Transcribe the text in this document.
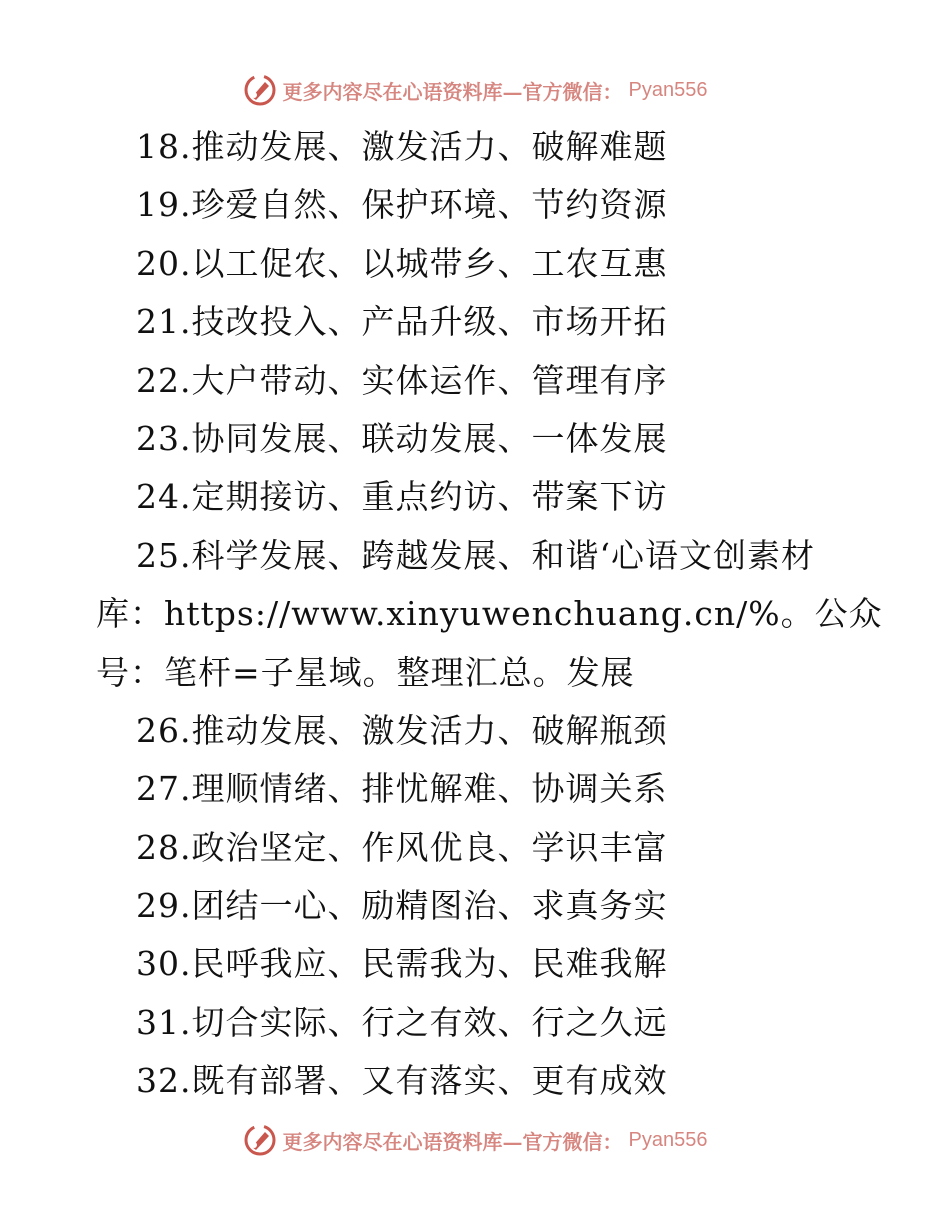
更多内容尽在心语资料库—官方微信： Pyan556
18.推动发展、激发活力、破解难题
19.珍爱自然、保护环境、节约资源
20.以工促农、以城带乡、工农互惠
21.技改投入、产品升级、市场开拓
22.大户带动、实体运作、管理有序
23.协同发展、联动发展、一体发展
24.定期接访、重点约访、带案下访
25.科学发展、跨越发展、和谐‘心语文创素材
库：https://www.xinyuwenchuang.cn/%。公众
号：笔杆=子星域。整理汇总。发展
26.推动发展、激发活力、破解瓶颈
27.理顺情绪、排忧解难、协调关系
28.政治坚定、作风优良、学识丰富
29.团结一心、励精图治、求真务实
30.民呼我应、民需我为、民难我解
31.切合实际、行之有效、行之久远
32.既有部署、又有落实、更有成效
更多内容尽在心语资料库—官方微信： Pyan556
